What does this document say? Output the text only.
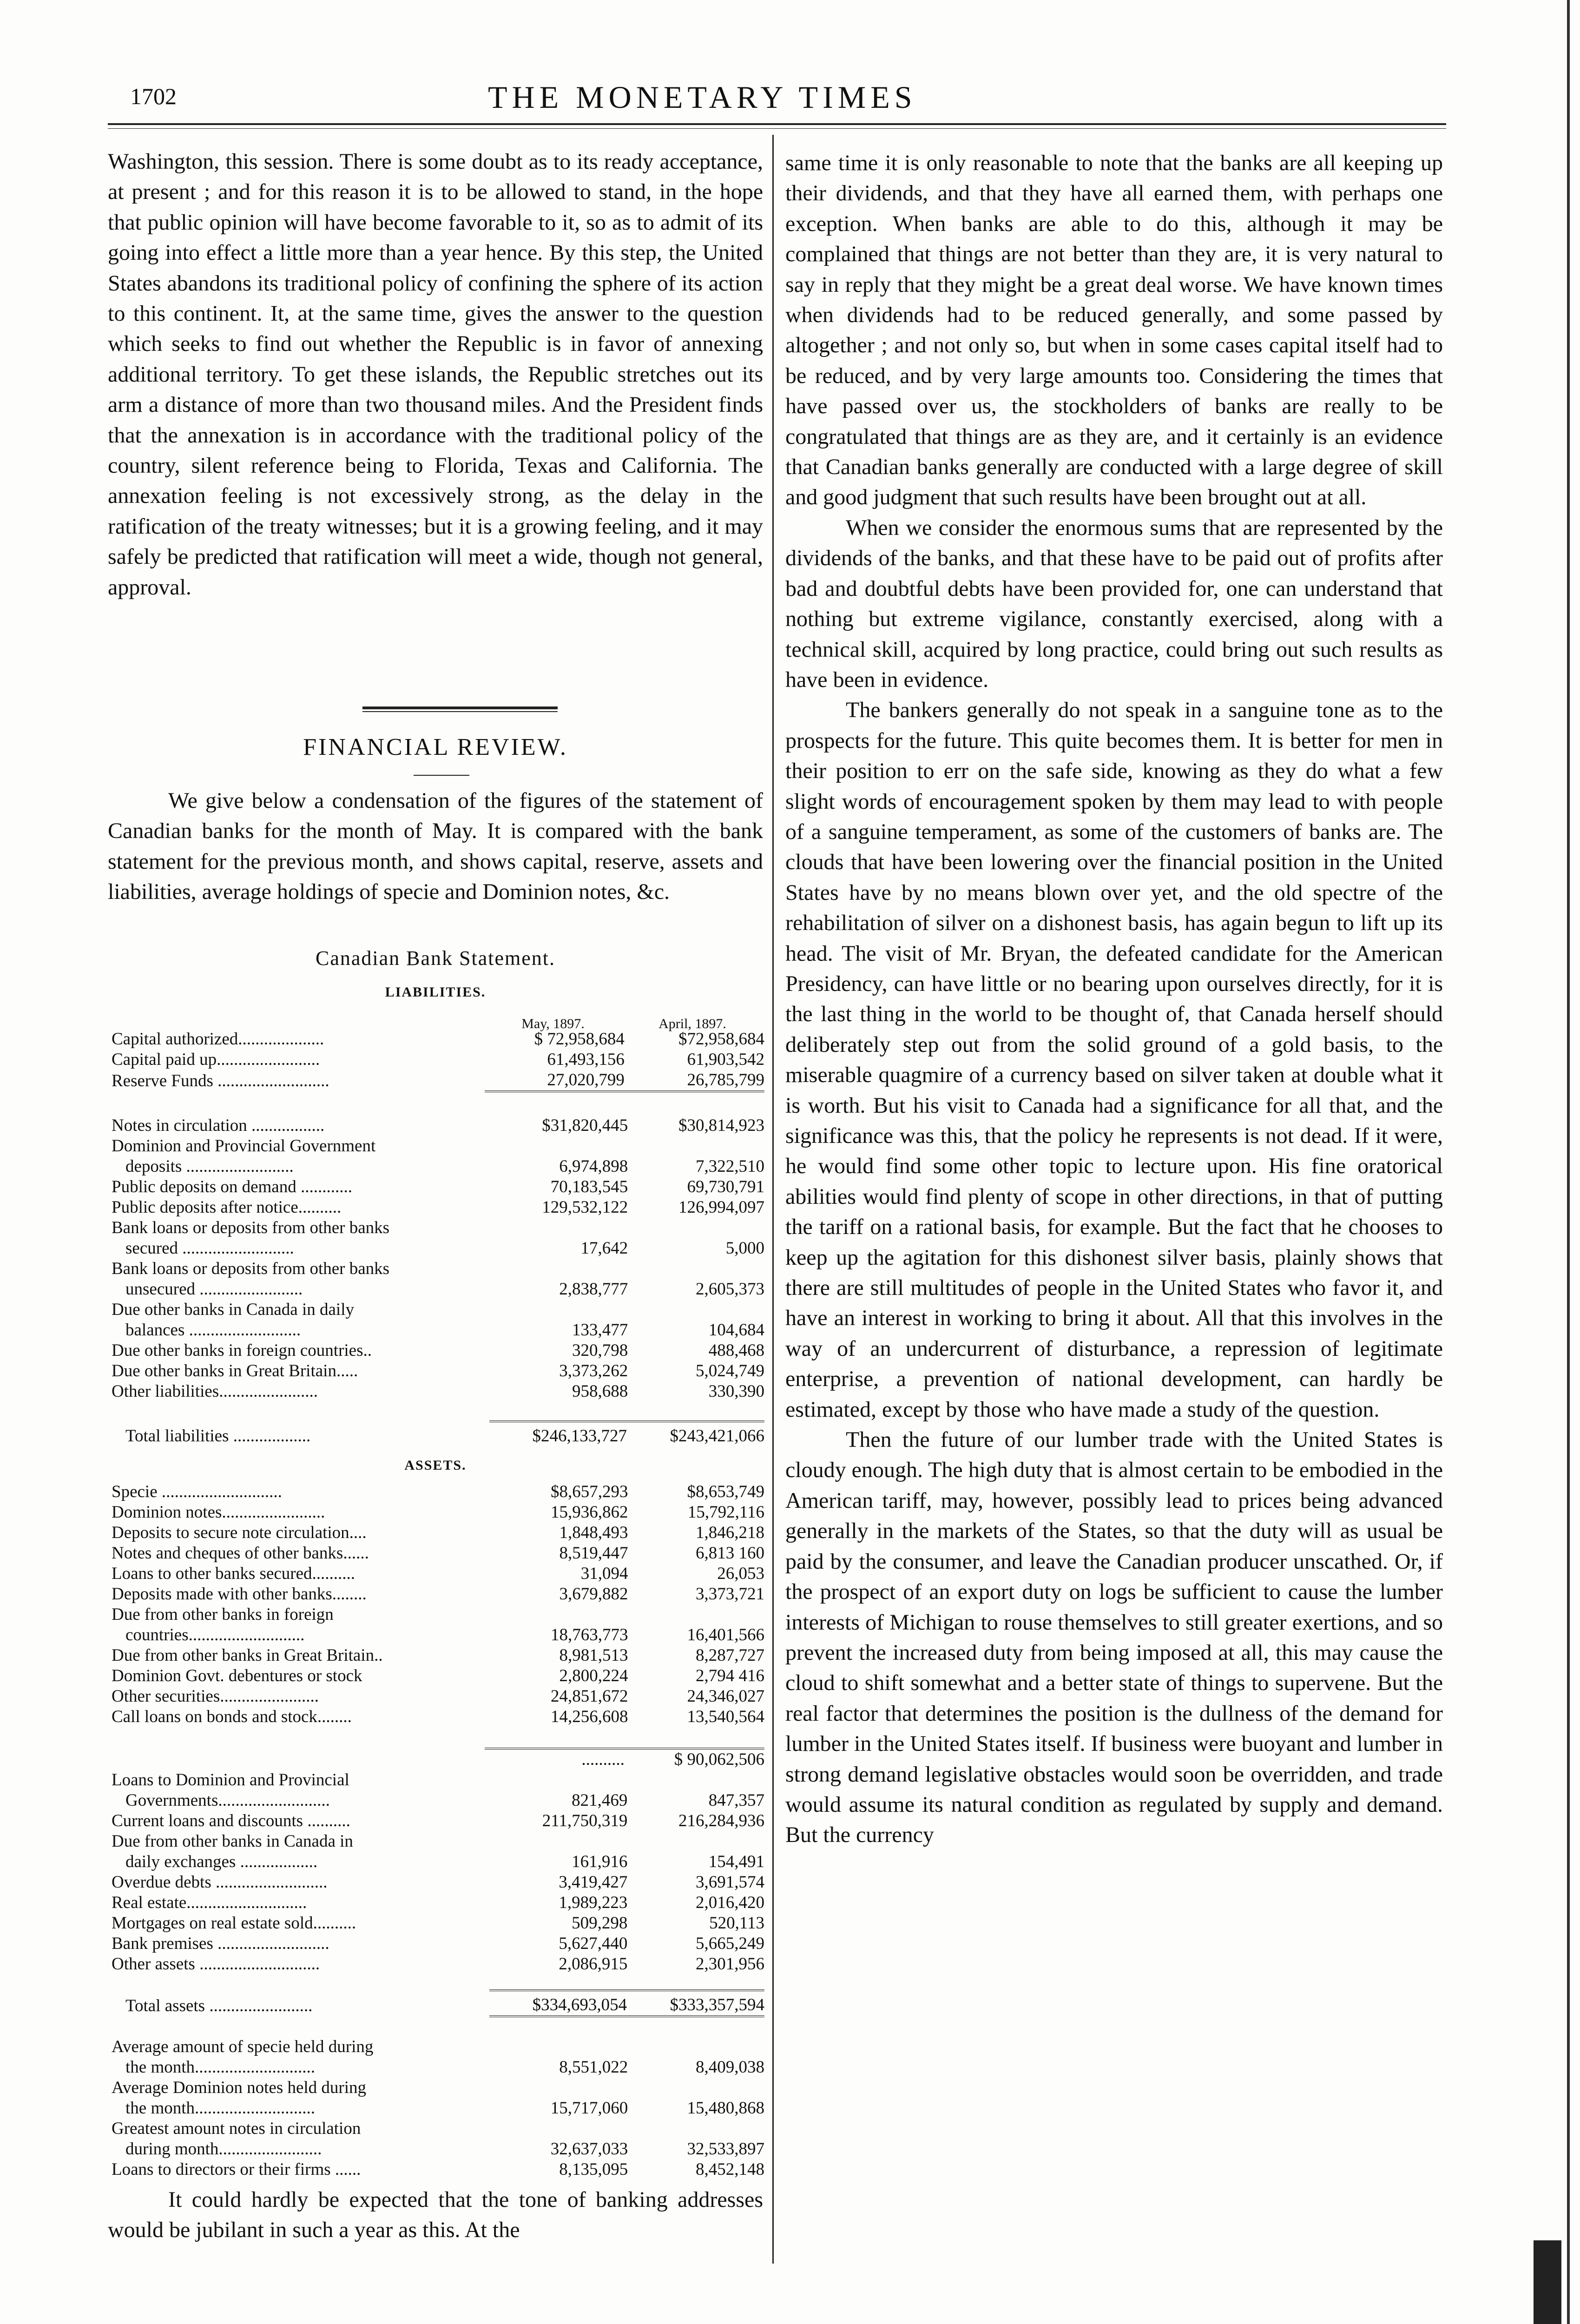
1702	THE MONETARY TIMES

Washington, this session. There is some doubt as to its ready acceptance, at present ; and for this reason it is to be allowed to stand, in the hope that public opinion will have become favorable to it, so as to admit of its going into effect a little more than a year hence. By this step, the United States abandons its traditional policy of confining the sphere of its action to this continent. It, at the same time, gives the answer to the question which seeks to find out whether the Republic is in favor of annexing additional territory. To get these islands, the Republic stretches out its arm a distance of more than two thousand miles. And the President finds that the annexation is in accordance with the traditional policy of the country, silent reference being to Florida, Texas and California. The annexation feeling is not excessively strong, as the delay in the ratification of the treaty witnesses; but it is a growing feeling, and it may safely be predicted that ratification will meet a wide, though not general, approval.

FINANCIAL REVIEW.

We give below a condensation of the figures of the statement of Canadian banks for the month of May. It is compared with the bank statement for the previous month, and shows capital, reserve, assets and liabilities, average holdings of specie and Dominion notes, &c.

Canadian Bank Statement.
LIABILITIES.
May, 1897.	April, 1897.
Capital authorized....................	$ 72,958,684	$72,958,684
Capital paid up........................	61,493,156	61,903,542
Reserve Funds ..........................	27,020,799	26,785,799
Notes in circulation .................	$31,820,445	$30,814,923
Dominion and Provincial Government		
deposits .........................	6,974,898	7,322,510
Public deposits on demand ............	70,183,545	69,730,791
Public deposits after notice..........	129,532,122	126,994,097
Bank loans or deposits from other banks		
secured ..........................	17,642	5,000
Bank loans or deposits from other banks		
unsecured ........................	2,838,777	2,605,373
Due other banks in Canada in daily		
balances ..........................	133,477	104,684
Due other banks in foreign countries..	320,798	488,468
Due other banks in Great Britain.....	3,373,262	5,024,749
Other liabilities.......................	958,688	330,390
Total liabilities ..................	$246,133,727	$243,421,066
ASSETS.
Specie ............................	$8,657,293	$8,653,749
Dominion notes........................	15,936,862	15,792,116
Deposits to secure note circulation....	1,848,493	1,846,218
Notes and cheques of other banks......	8,519,447	6,813 160
Loans to other banks secured..........	31,094	26,053
Deposits made with other banks........	3,679,882	3,373,721
Due from other banks in foreign		
countries...........................	18,763,773	16,401,566
Due from other banks in Great Britain..	8,981,513	8,287,727
Dominion Govt. debentures or stock	2,800,224	2,794 416
Other securities.......................	24,851,672	24,346,027
Call loans on bonds and stock........	14,256,608	13,540,564
	..........	$ 90,062,506
Loans to Dominion and Provincial		
Governments..........................	821,469	847,357
Current loans and discounts ..........	211,750,319	216,284,936
Due from other banks in Canada in		
daily exchanges ..................	161,916	154,491
Overdue debts ..........................	3,419,427	3,691,574
Real estate............................	1,989,223	2,016,420
Mortgages on real estate sold..........	509,298	520,113
Bank premises ..........................	5,627,440	5,665,249
Other assets ............................	2,086,915	2,301,956
Total assets ........................	$334,693,054	$333,357,594
Average amount of specie held during		
the month............................	8,551,022	8,409,038
Average Dominion notes held during		
the month............................	15,717,060	15,480,868
Greatest amount notes in circulation		
during month........................	32,637,033	32,533,897
Loans to directors or their firms ......	8,135,095	8,452,148

It could hardly be expected that the tone of banking addresses would be jubilant in such a year as this. At the

same time it is only reasonable to note that the banks are all keeping up their dividends, and that they have all earned them, with perhaps one exception. When banks are able to do this, although it may be complained that things are not better than they are, it is very natural to say in reply that they might be a great deal worse. We have known times when dividends had to be reduced generally, and some passed by altogether ; and not only so, but when in some cases capital itself had to be reduced, and by very large amounts too. Considering the times that have passed over us, the stockholders of banks are really to be congratulated that things are as they are, and it certainly is an evidence that Canadian banks generally are conducted with a large degree of skill and good judgment that such results have been brought out at all.

When we consider the enormous sums that are represented by the dividends of the banks, and that these have to be paid out of profits after bad and doubtful debts have been provided for, one can understand that nothing but extreme vigilance, constantly exercised, along with a technical skill, acquired by long practice, could bring out such results as have been in evidence.

The bankers generally do not speak in a sanguine tone as to the prospects for the future. This quite becomes them. It is better for men in their position to err on the safe side, knowing as they do what a few slight words of encouragement spoken by them may lead to with people of a sanguine temperament, as some of the customers of banks are. The clouds that have been lowering over the financial position in the United States have by no means blown over yet, and the old spectre of the rehabilitation of silver on a dishonest basis, has again begun to lift up its head. The visit of Mr. Bryan, the defeated candidate for the American Presidency, can have little or no bearing upon ourselves directly, for it is the last thing in the world to be thought of, that Canada herself should deliberately step out from the solid ground of a gold basis, to the miserable quagmire of a currency based on silver taken at double what it is worth. But his visit to Canada had a significance for all that, and the significance was this, that the policy he represents is not dead. If it were, he would find some other topic to lecture upon. His fine oratorical abilities would find plenty of scope in other directions, in that of putting the tariff on a rational basis, for example. But the fact that he chooses to keep up the agitation for this dishonest silver basis, plainly shows that there are still multitudes of people in the United States who favor it, and have an interest in working to bring it about. All that this involves in the way of an undercurrent of disturbance, a repression of legitimate enterprise, a prevention of national development, can hardly be estimated, except by those who have made a study of the question.

Then the future of our lumber trade with the United States is cloudy enough. The high duty that is almost certain to be embodied in the American tariff, may, however, possibly lead to prices being advanced generally in the markets of the States, so that the duty will as usual be paid by the consumer, and leave the Canadian producer unscathed. Or, if the prospect of an export duty on logs be sufficient to cause the lumber interests of Michigan to rouse themselves to still greater exertions, and so prevent the increased duty from being imposed at all, this may cause the cloud to shift somewhat and a better state of things to supervene. But the real factor that determines the position is the dullness of the demand for lumber in the United States itself. If business were buoyant and lumber in strong demand legislative obstacles would soon be overridden, and trade would assume its natural condition as regulated by supply and demand. But the currency
